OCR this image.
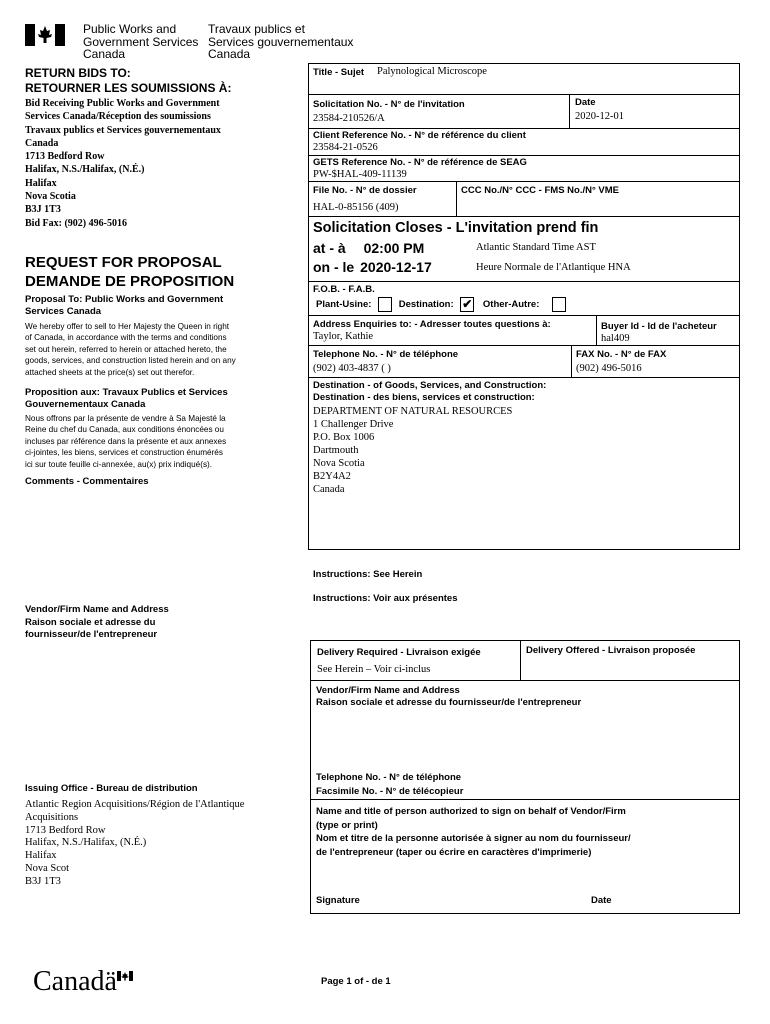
Public Works and
Government Services
Canada
Travaux publics et
Services gouvernementaux
Canada
RETURN BIDS TO:
RETOURNER LES SOUMISSIONS À:
Bid Receiving Public Works and Government
Services Canada/Réception des soumissions
Travaux publics et Services gouvernementaux
Canada
1713 Bedford Row
Halifax, N.S./Halifax, (N.É.)
Halifax
Nova Scotia
B3J 1T3
Bid Fax: (902) 496-5016
REQUEST FOR PROPOSAL
DEMANDE DE PROPOSITION
Proposal To: Public Works and Government
Services Canada
We hereby offer to sell to Her Majesty the Queen in right
of Canada, in accordance with the terms and conditions
set out herein, referred to herein or attached hereto, the
goods, services, and construction listed herein and on any
attached sheets at the price(s) set out therefor.
Proposition aux: Travaux Publics et Services
Gouvernementaux Canada
Nous offrons par la présente de vendre à Sa Majesté la
Reine du chef du Canada, aux conditions énoncées ou
incluses par référence dans la présente et aux annexes
ci-jointes, les biens, services et construction énumérés
ici sur toute feuille ci-annexée, au(x) prix indiqué(s).
Comments - Commentaires
Vendor/Firm Name and Address
Raison sociale et adresse du
fournisseur/de l'entrepreneur
Issuing Office - Bureau de distribution
Atlantic Region Acquisitions/Région de l'Atlantique
Acquisitions
1713 Bedford Row
Halifax, N.S./Halifax, (N.É.)
Halifax
Nova Scot
B3J 1T3
Title - Sujet Palynological Microscope
Solicitation No. - N° de l'invitation
23584-210526/A
Date
2020-12-01
Client Reference No. - N° de référence du client
23584-21-0526
GETS Reference No. - N° de référence de SEAG
PW-$HAL-409-11139
File No. - N° de dossier
HAL-0-85156 (409)
CCC No./N° CCC - FMS No./N° VME
Solicitation Closes - L'invitation prend fin
at - à 02:00 PM
on - le 2020-12-17
Atlantic Standard Time AST
Heure Normale de l'Atlantique HNA
F.O.B. - F.A.B.
Plant-Usine:	Destination: ✔ Other-Autre:
Address Enquiries to: - Adresser toutes questions à:
Taylor, Kathie
Buyer Id - Id de l'acheteur
hal409
Telephone No. - N° de téléphone
(902) 403-4837 ( )
FAX No. - N° de FAX
(902) 496-5016
Destination - of Goods, Services, and Construction:
Destination - des biens, services et construction:
DEPARTMENT OF NATURAL RESOURCES
1 Challenger Drive
P.O. Box 1006
Dartmouth
Nova Scotia
B2Y4A2
Canada
Instructions: See Herein
Instructions: Voir aux présentes
Delivery Required - Livraison exigée
See Herein – Voir ci-inclus
Delivery Offered - Livraison proposée
Vendor/Firm Name and Address
Raison sociale et adresse du fournisseur/de l'entrepreneur
Telephone No. - N° de téléphone
Facsimile No. - N° de télécopieur
Name and title of person authorized to sign on behalf of Vendor/Firm
(type or print)
Nom et titre de la personne autorisée à signer au nom du fournisseur/
de l'entrepreneur (taper ou écrire en caractères d'imprimerie)
Signature	Date
Canadä	Page 1 of - de 1
